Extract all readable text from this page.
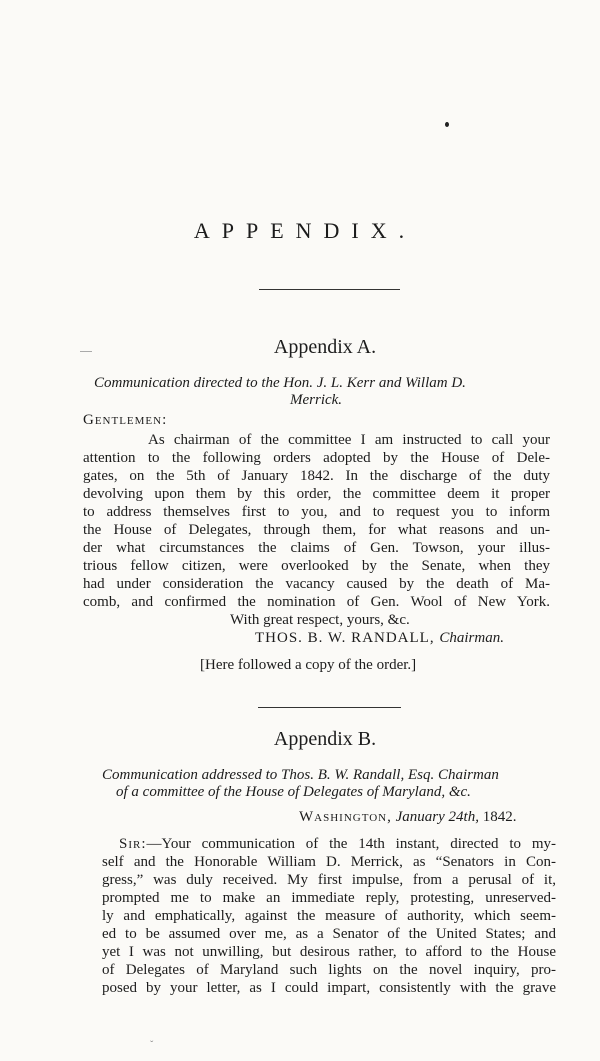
APPENDIX.
Appendix A.
Communication directed to the Hon. J. L. Kerr and Willam D.
Merrick.
Gentlemen:
As chairman of the committee I am instructed to call your
attention to the following orders adopted by the House of Dele-
gates, on the 5th of January 1842. In the discharge of the duty
devolving upon them by this order, the committee deem it proper
to address themselves first to you, and to request you to inform
the House of Delegates, through them, for what reasons and un-
der what circumstances the claims of Gen. Towson, your illus-
trious fellow citizen, were overlooked by the Senate, when they
had under consideration the vacancy caused by the death of Ma-
comb, and confirmed the nomination of Gen. Wool of New York.
With great respect, yours, &c.
THOS. B. W. RANDALL, Chairman.
[Here followed a copy of the order.]
Appendix B.
Communication addressed to Thos. B. W. Randall, Esq. Chairman
of a committee of the House of Delegates of Maryland, &c.
Washington, January 24th, 1842.
Sir:—Your communication of the 14th instant, directed to my-
self and the Honorable William D. Merrick, as “Senators in Con-
gress,” was duly received. My first impulse, from a perusal of it,
prompted me to make an immediate reply, protesting, unreserved-
ly and emphatically, against the measure of authority, which seem-
ed to be assumed over me, as a Senator of the United States; and
yet I was not unwilling, but desirous rather, to afford to the House
of Delegates of Maryland such lights on the novel inquiry, pro-
posed by your letter, as I could impart, consistently with the grave
ˇ
